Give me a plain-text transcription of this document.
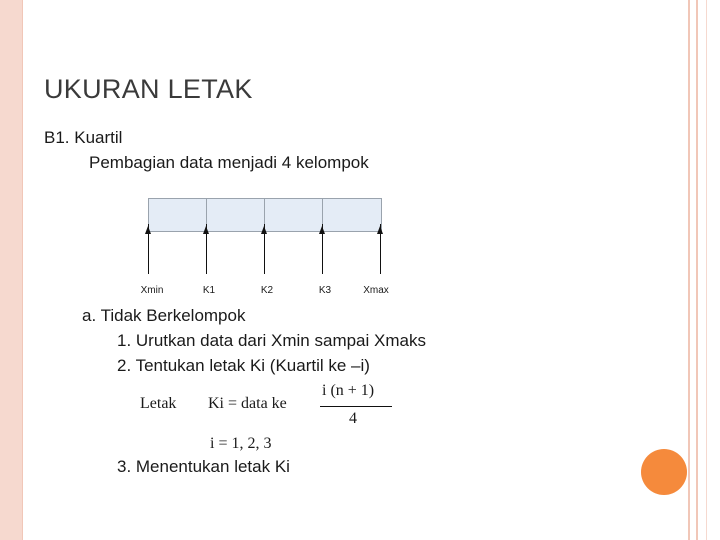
UKURAN LETAK
B1. Kuartil
Pembagian data menjadi 4 kelompok
Xmin	K1	K2	K3	Xmax
a. Tidak Berkelompok
1. Urutkan data dari Xmin sampai Xmaks
2. Tentukan letak Ki (Kuartil ke –i)
Letak Ki = data ke
i (n + 1)
4
i = 1, 2, 3
3. Menentukan letak Ki
